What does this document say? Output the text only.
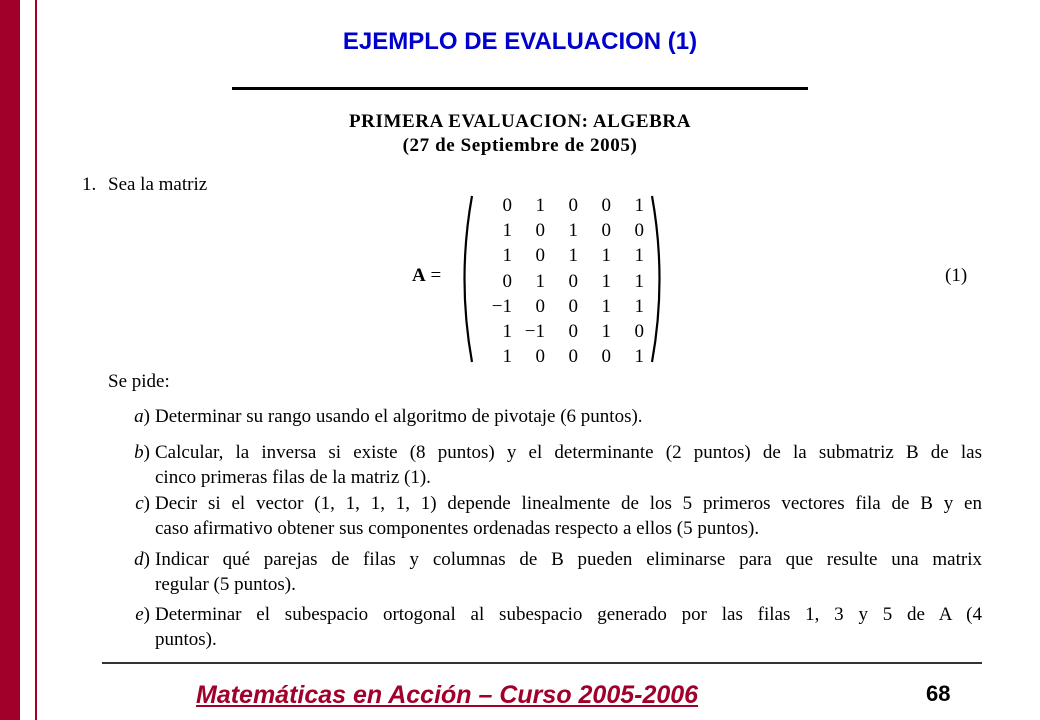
EJEMPLO DE EVALUACION (1)
PRIMERA EVALUACION: ALGEBRA
(27 de Septiembre de 2005)
1. Sea la matriz
A =
0	1	0	0	1
1	0	1	0	0
1	0	1	1	1
0	1	0	1	1
−1	0	0	1	1
1	−1	0	1	0
1	0	0	0	1
(1)
Se pide:
a) Determinar su rango usando el algoritmo de pivotaje (6 puntos).
b) Calcular, la inversa si existe (8 puntos) y el determinante (2 puntos) de la submatriz B de las
cinco primeras filas de la matriz (1).
c) Decir si el vector (1, 1, 1, 1, 1) depende linealmente de los 5 primeros vectores fila de B y en
caso afirmativo obtener sus componentes ordenadas respecto a ellos (5 puntos).
d) Indicar qué parejas de filas y columnas de B pueden eliminarse para que resulte una matrix
regular (5 puntos).
e) Determinar el subespacio ortogonal al subespacio generado por las filas 1, 3 y 5 de A (4
puntos).
Matemáticas en Acción – Curso 2005-2006	68
